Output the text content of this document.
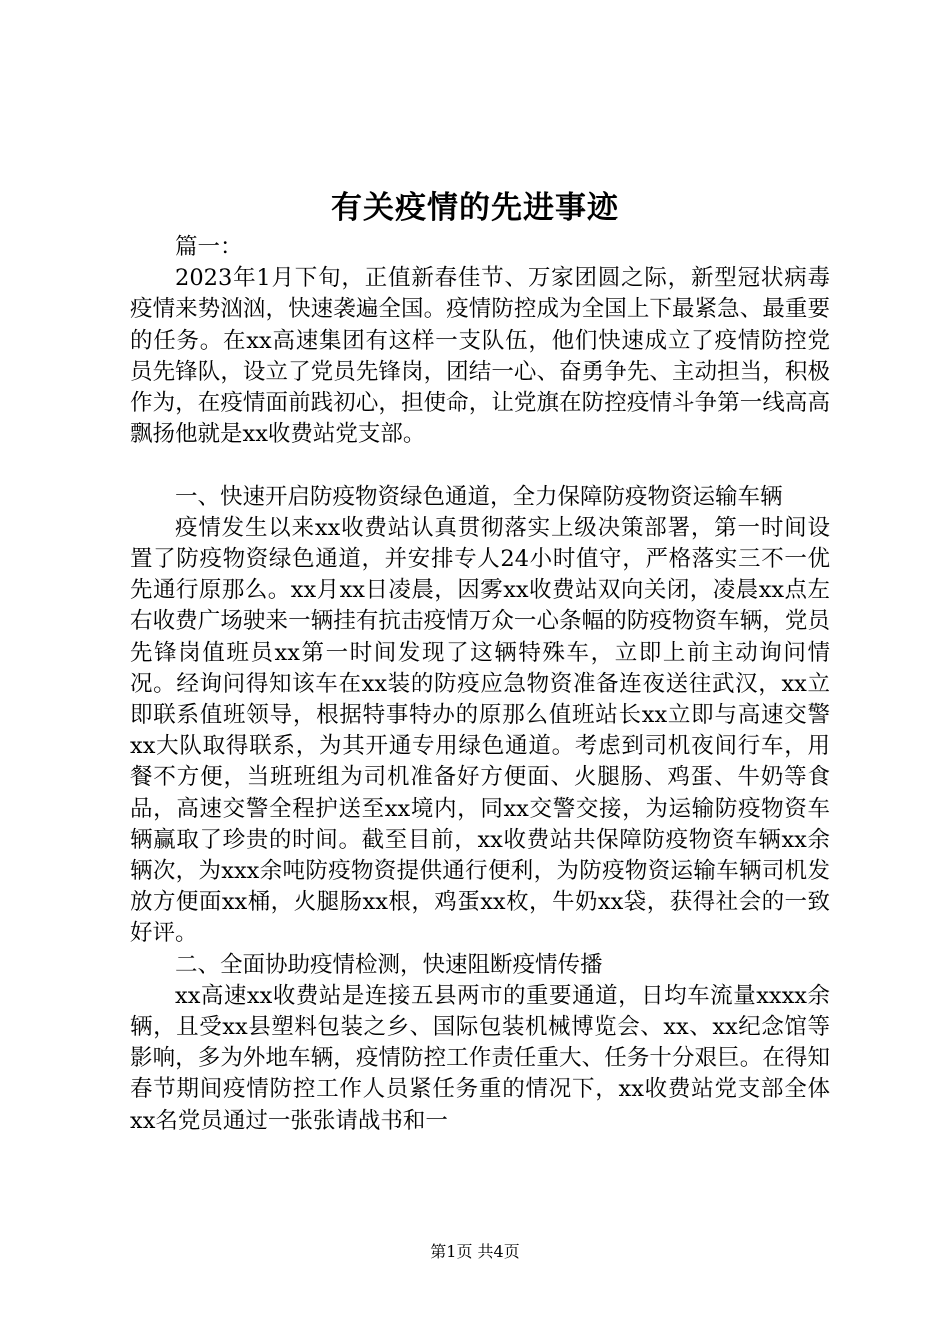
有关疫情的先进事迹

篇一：

2023年1月下旬，正值新春佳节、万家团圆之际，新型冠状病毒疫情来势汹汹，快速袭遍全国。疫情防控成为全国上下最紧急、最重要的任务。在xx高速集团有这样一支队伍，他们快速成立了疫情防控党员先锋队，设立了党员先锋岗，团结一心、奋勇争先、主动担当，积极作为，在疫情面前践初心，担使命，让党旗在防控疫情斗争第一线高高飘扬他就是xx收费站党支部。

一、快速开启防疫物资绿色通道，全力保障防疫物资运输车辆

疫情发生以来xx收费站认真贯彻落实上级决策部署，第一时间设置了防疫物资绿色通道，并安排专人24小时值守，严格落实三不一优先通行原那么。xx月xx日凌晨，因雾xx收费站双向关闭，凌晨xx点左右收费广场驶来一辆挂有抗击疫情万众一心条幅的防疫物资车辆，党员先锋岗值班员xx第一时间发现了这辆特殊车，立即上前主动询问情况。经询问得知该车在xx装的防疫应急物资准备连夜送往武汉，xx立即联系值班领导，根据特事特办的原那么值班站长xx立即与高速交警xx大队取得联系，为其开通专用绿色通道。考虑到司机夜间行车，用餐不方便，当班班组为司机准备好方便面、火腿肠、鸡蛋、牛奶等食品，高速交警全程护送至xx境内，同xx交警交接，为运输防疫物资车辆赢取了珍贵的时间。截至目前，xx收费站共保障防疫物资车辆xx余辆次，为xxx余吨防疫物资提供通行便利，为防疫物资运输车辆司机发放方便面xx桶，火腿肠xx根，鸡蛋xx枚，牛奶xx袋，获得社会的一致好评。

二、全面协助疫情检测，快速阻断疫情传播

xx高速xx收费站是连接五县两市的重要通道，日均车流量xxxx余辆，且受xx县塑料包装之乡、国际包装机械博览会、xx、xx纪念馆等影响，多为外地车辆，疫情防控工作责任重大、任务十分艰巨。在得知春节期间疫情防控工作人员紧任务重的情况下，xx收费站党支部全体xx名党员通过一张张请战书和一

第1页 共4页
